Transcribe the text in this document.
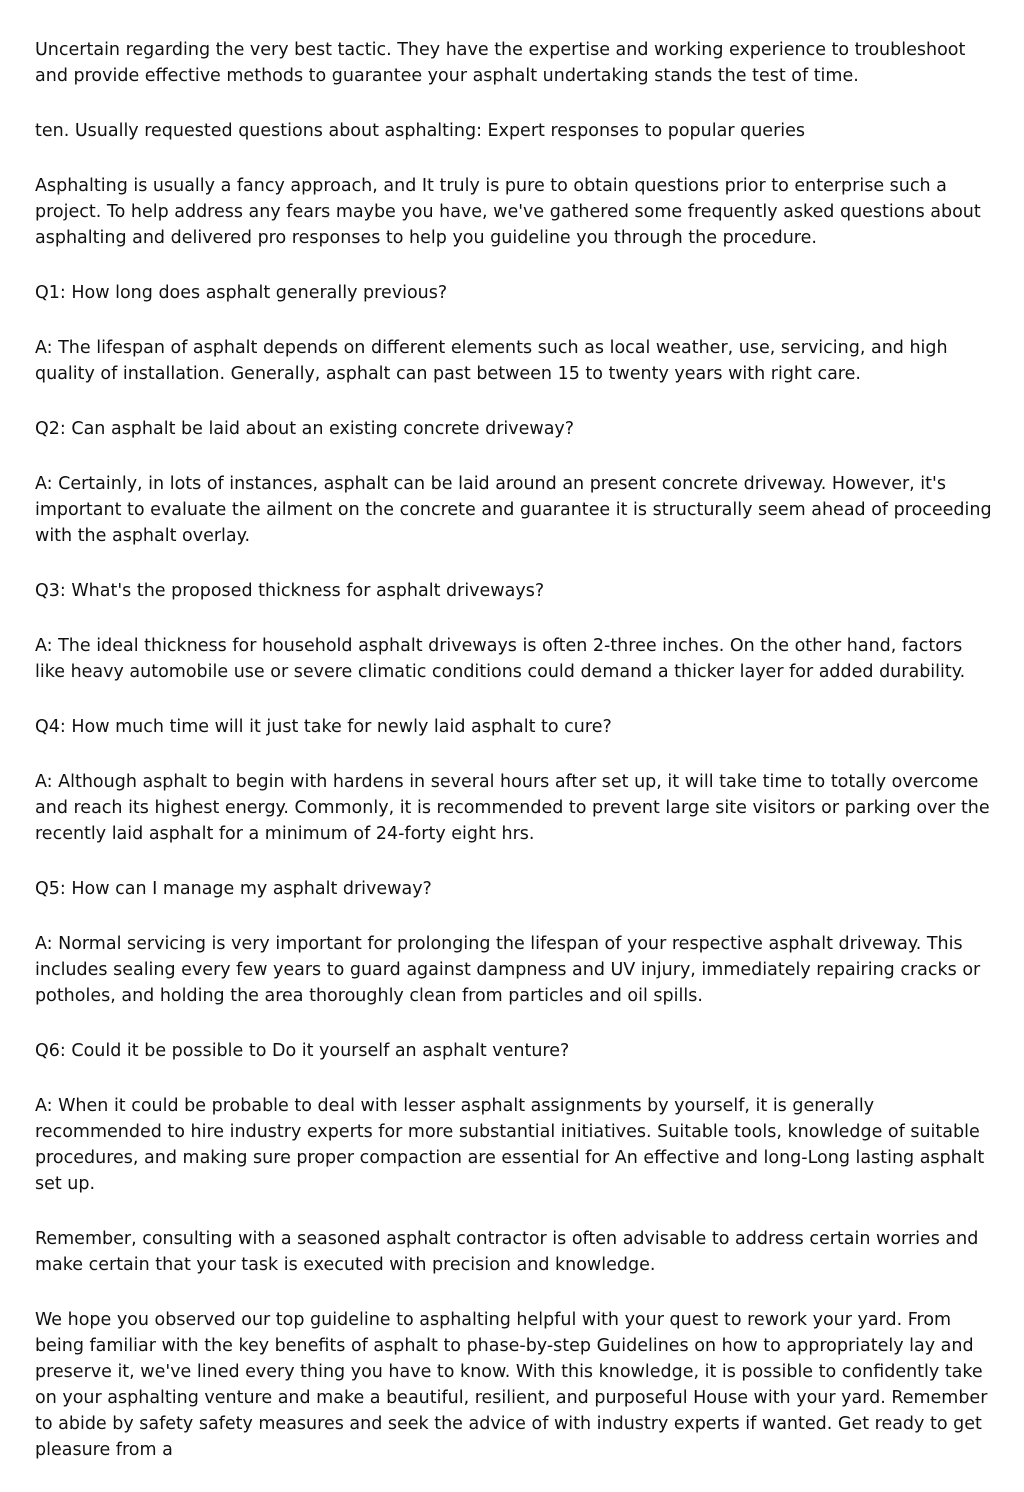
Uncertain regarding the very best tactic. They have the expertise and working experience to troubleshoot and provide effective methods to guarantee your asphalt undertaking stands the test of time.

ten. Usually requested questions about asphalting: Expert responses to popular queries

Asphalting is usually a fancy approach, and It truly is pure to obtain questions prior to enterprise such a project. To help address any fears maybe you have, we've gathered some frequently asked questions about asphalting and delivered pro responses to help you guideline you through the procedure.

Q1: How long does asphalt generally previous?

A: The lifespan of asphalt depends on different elements such as local weather, use, servicing, and high quality of installation. Generally, asphalt can past between 15 to twenty years with right care.

Q2: Can asphalt be laid about an existing concrete driveway?

A: Certainly, in lots of instances, asphalt can be laid around an present concrete driveway. However, it's important to evaluate the ailment on the concrete and guarantee it is structurally seem ahead of proceeding with the asphalt overlay.

Q3: What's the proposed thickness for asphalt driveways?

A: The ideal thickness for household asphalt driveways is often 2-three inches. On the other hand, factors like heavy automobile use or severe climatic conditions could demand a thicker layer for added durability.

Q4: How much time will it just take for newly laid asphalt to cure?

A: Although asphalt to begin with hardens in several hours after set up, it will take time to totally overcome and reach its highest energy. Commonly, it is recommended to prevent large site visitors or parking over the recently laid asphalt for a minimum of 24-forty eight hrs.

Q5: How can I manage my asphalt driveway?

A: Normal servicing is very important for prolonging the lifespan of your respective asphalt driveway. This includes sealing every few years to guard against dampness and UV injury, immediately repairing cracks or potholes, and holding the area thoroughly clean from particles and oil spills.

Q6: Could it be possible to Do it yourself an asphalt venture?

A: When it could be probable to deal with lesser asphalt assignments by yourself, it is generally recommended to hire industry experts for more substantial initiatives. Suitable tools, knowledge of suitable procedures, and making sure proper compaction are essential for An effective and long-Long lasting asphalt set up.

Remember, consulting with a seasoned asphalt contractor is often advisable to address certain worries and make certain that your task is executed with precision and knowledge.

We hope you observed our top guideline to asphalting helpful with your quest to rework your yard. From being familiar with the key benefits of asphalt to phase-by-step Guidelines on how to appropriately lay and preserve it, we've lined every thing you have to know. With this knowledge, it is possible to confidently take on your asphalting venture and make a beautiful, resilient, and purposeful House with your yard. Remember to abide by safety safety measures and seek the advice of with industry experts if wanted. Get ready to get pleasure from a
